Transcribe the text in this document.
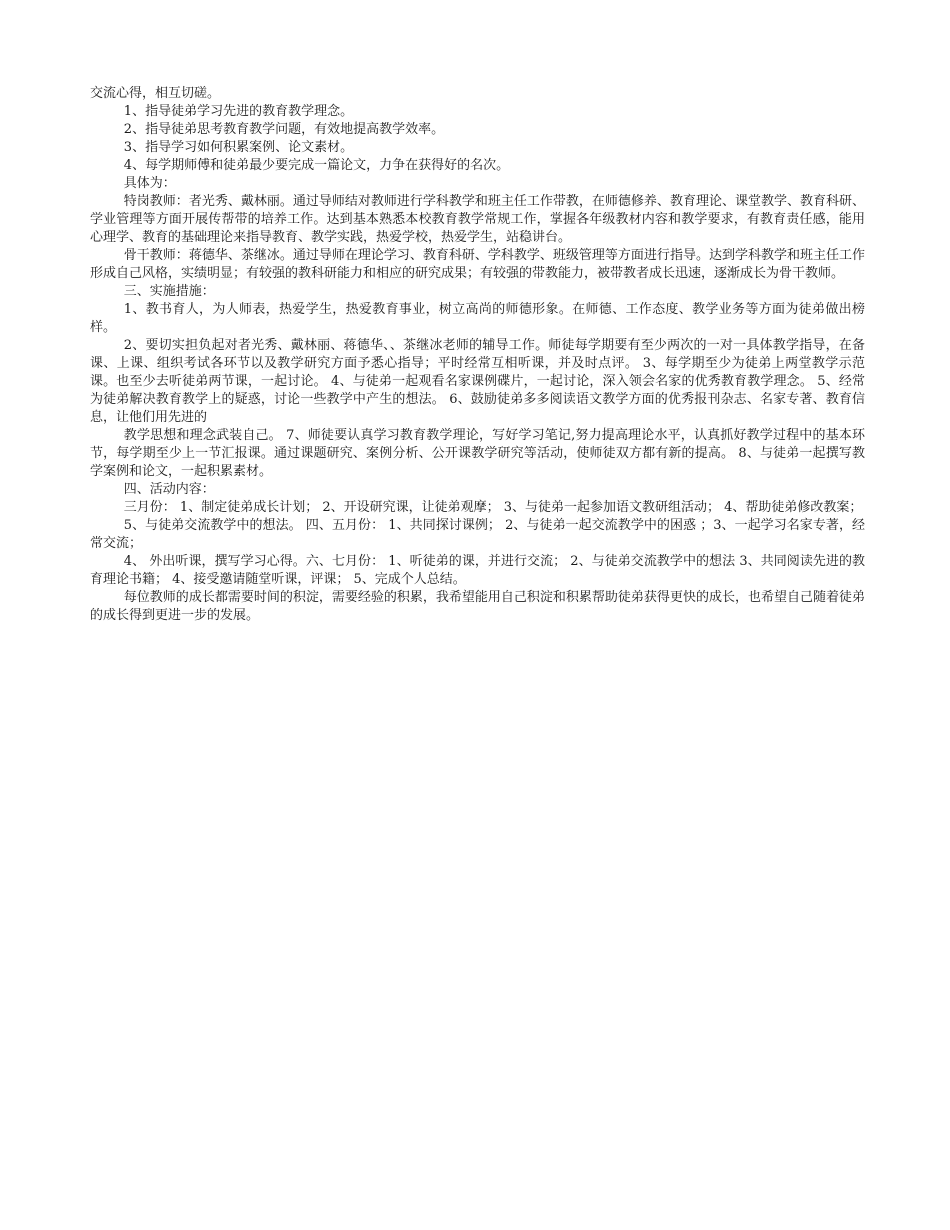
交流心得，相互切磋。

1、指导徒弟学习先进的教育教学理念。

2、指导徒弟思考教育教学问题，有效地提高教学效率。

3、指导学习如何积累案例、论文素材。

4、每学期师傅和徒弟最少要完成一篇论文，力争在获得好的名次。

具体为：

特岗教师：者光秀、戴林丽。通过导师结对教师进行学科教学和班主任工作带教，在师德修养、教育理论、课堂教学、教育科研、学业管理等方面开展传帮带的培养工作。达到基本熟悉本校教育教学常规工作，掌握各年级教材内容和教学要求，有教育责任感，能用心理学、教育的基础理论来指导教育、教学实践，热爱学校，热爱学生，站稳讲台。

骨干教师：蒋德华、茶继冰。通过导师在理论学习、教育科研、学科教学、班级管理等方面进行指导。达到学科教学和班主任工作形成自己风格，实绩明显；有较强的教科研能力和相应的研究成果；有较强的带教能力，被带教者成长迅速，逐渐成长为骨干教师。

三、实施措施：

1、教书育人，为人师表，热爱学生，热爱教育事业，树立高尚的师德形象。在师德、工作态度、教学业务等方面为徒弟做出榜样。

2、要切实担负起对者光秀、戴林丽、蒋德华、、茶继冰老师的辅导工作。师徒每学期要有至少两次的一对一具体教学指导，在备课、上课、组织考试各环节以及教学研究方面予悉心指导；平时经常互相听课，并及时点评。 3、每学期至少为徒弟上两堂教学示范课。也至少去听徒弟两节课，一起讨论。 4、与徒弟一起观看名家课例碟片，一起讨论，深入领会名家的优秀教育教学理念。 5、经常为徒弟解决教育教学上的疑惑，讨论一些教学中产生的想法。 6、鼓励徒弟多多阅读语文教学方面的优秀报刊杂志、名家专著、教育信息，让他们用先进的

教学思想和理念武装自己。 7、师徒要认真学习教育教学理论，写好学习笔记,努力提高理论水平，认真抓好教学过程中的基本环节，每学期至少上一节汇报课。通过课题研究、案例分析、公开课教学研究等活动，使师徒双方都有新的提高。 8、与徒弟一起撰写教学案例和论文，一起积累素材。

四、活动内容：

三月份： 1、制定徒弟成长计划； 2、开设研究课，让徒弟观摩； 3、与徒弟一起参加语文教研组活动； 4、帮助徒弟修改教案；

5、与徒弟交流教学中的想法。 四、五月份： 1、共同探讨课例； 2、与徒弟一起交流教学中的困惑 ；3、一起学习名家专著，经常交流；

4、 外出听课，撰写学习心得。六、七月份： 1、听徒弟的课，并进行交流； 2、与徒弟交流教学中的想法 3、共同阅读先进的教育理论书籍； 4、接受邀请随堂听课，评课； 5、完成个人总结。

每位教师的成长都需要时间的积淀，需要经验的积累，我希望能用自己积淀和积累帮助徒弟获得更快的成长，也希望自己随着徒弟的成长得到更进一步的发展。
